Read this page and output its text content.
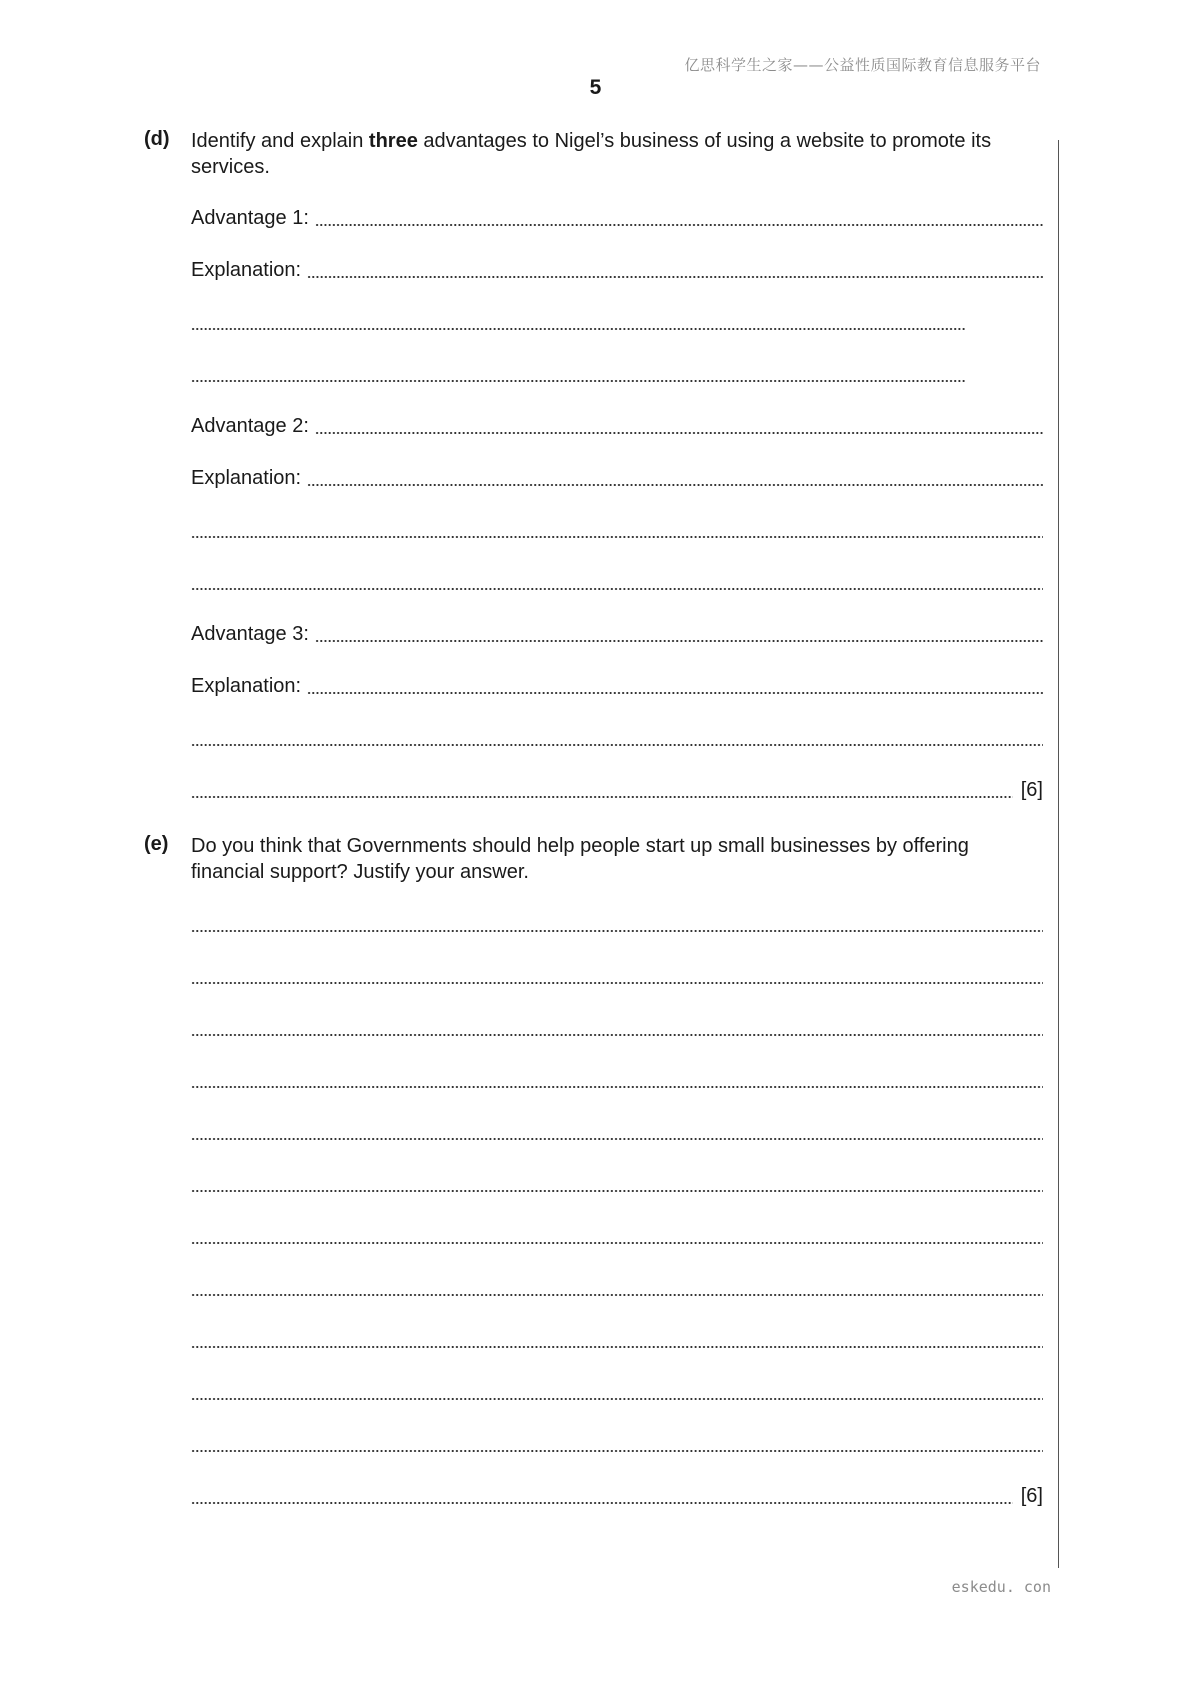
亿思科学生之家——公益性质国际教育信息服务平台
5
(d) Identify and explain three advantages to Nigel’s business of using a website to promote its services.
Advantage 1:
Explanation:
Advantage 2:
Explanation:
Advantage 3:
Explanation:
[6]
(e) Do you think that Governments should help people start up small businesses by offering financial support? Justify your answer.
[6]
eskedu. con
